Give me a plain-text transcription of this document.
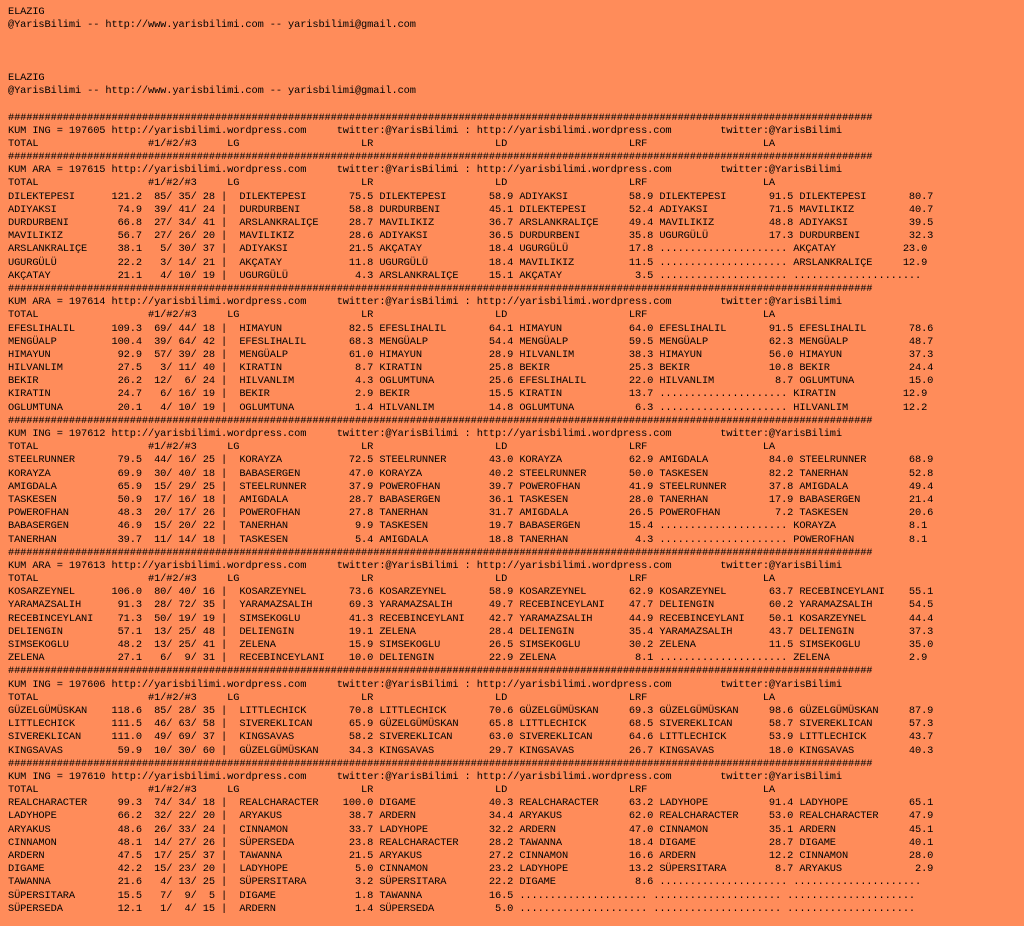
ELAZIG
@YarisBilimi -- http://www.yarisbilimi.com -- yarisbilimi@gmail.com

ELAZIG
@YarisBilimi -- http://www.yarisbilimi.com -- yarisbilimi@gmail.com

##############################################################################################################################################
KUM ING = 197605 http://yarisbilimi.wordpress.com     twitter:@YarisBilimi : http://yarisbilimi.wordpress.com        twitter:@YarisBilimi
TOTAL                  #1/#2/#3     LG                    LR                    LD                    LRF                   LA
##############################################################################################################################################
KUM ARA = 197615 http://yarisbilimi.wordpress.com     twitter:@YarisBilimi : http://yarisbilimi.wordpress.com        twitter:@YarisBilimi
TOTAL                  #1/#2/#3     LG                    LR                    LD                    LRF                   LA
DILEKTEPESI      121.2  85/ 35/ 28 |  DILEKTEPESI       75.5 DILEKTEPESI       58.9 ADIYAKSI          58.9 DILEKTEPESI       91.5 DILEKTEPESI       80.7
ADIYAKSI          74.9  39/ 41/ 24 |  DURDURBENI        58.8 DURDURBENI        45.1 DILEKTEPESI       52.4 ADIYAKSI          71.5 MAVILIKIZ         40.7
DURDURBENI        66.8  27/ 34/ 41 |  ARSLANKRALIÇE     28.7 MAVILIKIZ         36.7 ARSLANKRALIÇE     49.4 MAVILIKIZ         48.8 ADIYAKSI          39.5
MAVILIKIZ         56.7  27/ 26/ 20 |  MAVILIKIZ         28.6 ADIYAKSI          36.5 DURDURBENI        35.8 UGURGÜLÜ          17.3 DURDURBENI        32.3
ARSLANKRALIÇE     38.1   5/ 30/ 37 |  ADIYAKSI          21.5 AKÇATAY           18.4 UGURGÜLÜ          17.8 ..................... AKÇATAY           23.0
UGURGÜLÜ          22.2   3/ 14/ 21 |  AKÇATAY           11.8 UGURGÜLÜ          18.4 MAVILIKIZ         11.5 ..................... ARSLANKRALIÇE     12.9
AKÇATAY           21.1   4/ 10/ 19 |  UGURGÜLÜ           4.3 ARSLANKRALIÇE     15.1 AKÇATAY            3.5 ..................... .....................
##############################################################################################################################################
KUM ARA = 197614 http://yarisbilimi.wordpress.com     twitter:@YarisBilimi : http://yarisbilimi.wordpress.com        twitter:@YarisBilimi
TOTAL                  #1/#2/#3     LG                    LR                    LD                    LRF                   LA
EFESLIHALIL      109.3  69/ 44/ 18 |  HIMAYUN           82.5 EFESLIHALIL       64.1 HIMAYUN           64.0 EFESLIHALIL       91.5 EFESLIHALIL       78.6
MENGÜALP         100.4  39/ 64/ 42 |  EFESLIHALIL       68.3 MENGÜALP          54.4 MENGÜALP          59.5 MENGÜALP          62.3 MENGÜALP          48.7
HIMAYUN           92.9  57/ 39/ 28 |  MENGÜALP          61.0 HIMAYUN           28.9 HILVANLIM         38.3 HIMAYUN           56.0 HIMAYUN           37.3
HILVANLIM         27.5   3/ 11/ 40 |  KIRATIN            8.7 KIRATIN           25.8 BEKIR             25.3 BEKIR             10.8 BEKIR             24.4
BEKIR             26.2  12/  6/ 24 |  HILVANLIM          4.3 OGLUMTUNA         25.6 EFESLIHALIL       22.0 HILVANLIM          8.7 OGLUMTUNA         15.0
KIRATIN           24.7   6/ 16/ 19 |  BEKIR              2.9 BEKIR             15.5 KIRATIN           13.7 ..................... KIRATIN           12.9
OGLUMTUNA         20.1   4/ 10/ 19 |  OGLUMTUNA          1.4 HILVANLIM         14.8 OGLUMTUNA          6.3 ..................... HILVANLIM         12.2
##############################################################################################################################################
KUM ING = 197612 http://yarisbilimi.wordpress.com     twitter:@YarisBilimi : http://yarisbilimi.wordpress.com        twitter:@YarisBilimi
TOTAL                  #1/#2/#3     LG                    LR                    LD                    LRF                   LA
STEELRUNNER       79.5  44/ 16/ 25 |  KORAYZA           72.5 STEELRUNNER       43.0 KORAYZA           62.9 AMIGDALA          84.0 STEELRUNNER       68.9
KORAYZA           69.9  30/ 40/ 18 |  BABASERGEN        47.0 KORAYZA           40.2 STEELRUNNER       50.0 TASKESEN          82.2 TANERHAN          52.8
AMIGDALA          65.9  15/ 29/ 25 |  STEELRUNNER       37.9 POWEROFHAN        39.7 POWEROFHAN        41.9 STEELRUNNER       37.8 AMIGDALA          49.4
TASKESEN          50.9  17/ 16/ 18 |  AMIGDALA          28.7 BABASERGEN        36.1 TASKESEN          28.0 TANERHAN          17.9 BABASERGEN        21.4
POWEROFHAN        48.3  20/ 17/ 26 |  POWEROFHAN        27.8 TANERHAN          31.7 AMIGDALA          26.5 POWEROFHAN         7.2 TASKESEN          20.6
BABASERGEN        46.9  15/ 20/ 22 |  TANERHAN           9.9 TASKESEN          19.7 BABASERGEN        15.4 ..................... KORAYZA            8.1
TANERHAN          39.7  11/ 14/ 18 |  TASKESEN           5.4 AMIGDALA          18.8 TANERHAN           4.3 ..................... POWEROFHAN         8.1
##############################################################################################################################################
KUM ARA = 197613 http://yarisbilimi.wordpress.com     twitter:@YarisBilimi : http://yarisbilimi.wordpress.com        twitter:@YarisBilimi
TOTAL                  #1/#2/#3     LG                    LR                    LD                    LRF                   LA
KOSARZEYNEL      106.0  80/ 40/ 16 |  KOSARZEYNEL       73.6 KOSARZEYNEL       58.9 KOSARZEYNEL       62.9 KOSARZEYNEL       63.7 RECEBINCEYLANI    55.1
YARAMAZSALIH      91.3  28/ 72/ 35 |  YARAMAZSALIH      69.3 YARAMAZSALIH      49.7 RECEBINCEYLANI    47.7 DELIENGIN         60.2 YARAMAZSALIH      54.5
RECEBINCEYLANI    71.3  50/ 19/ 19 |  SIMSEKOGLU        41.3 RECEBINCEYLANI    42.7 YARAMAZSALIH      44.9 RECEBINCEYLANI    50.1 KOSARZEYNEL       44.4
DELIENGIN         57.1  13/ 25/ 48 |  DELIENGIN         19.1 ZELENA            28.4 DELIENGIN         35.4 YARAMAZSALIH      43.7 DELIENGIN         37.3
SIMSEKOGLU        48.2  13/ 25/ 41 |  ZELENA            15.9 SIMSEKOGLU        26.5 SIMSEKOGLU        30.2 ZELENA            11.5 SIMSEKOGLU        35.0
ZELENA            27.1   6/  9/ 31 |  RECEBINCEYLANI    10.0 DELIENGIN         22.9 ZELENA             8.1 ..................... ZELENA             2.9
##############################################################################################################################################
KUM ING = 197606 http://yarisbilimi.wordpress.com     twitter:@YarisBilimi : http://yarisbilimi.wordpress.com        twitter:@YarisBilimi
TOTAL                  #1/#2/#3     LG                    LR                    LD                    LRF                   LA
GÜZELGÜMÜSKAN    118.6  85/ 28/ 35 |  LITTLECHICK       70.8 LITTLECHICK       70.6 GÜZELGÜMÜSKAN     69.3 GÜZELGÜMÜSKAN     98.6 GÜZELGÜMÜSKAN     87.9
LITTLECHICK      111.5  46/ 63/ 58 |  SIVEREKLICAN      65.9 GÜZELGÜMÜSKAN     65.8 LITTLECHICK       68.5 SIVEREKLICAN      58.7 SIVEREKLICAN      57.3
SIVEREKLICAN     111.0  49/ 69/ 37 |  KINGSAVAS         58.2 SIVEREKLICAN      63.0 SIVEREKLICAN      64.6 LITTLECHICK       53.9 LITTLECHICK       43.7
KINGSAVAS         59.9  10/ 30/ 60 |  GÜZELGÜMÜSKAN     34.3 KINGSAVAS         29.7 KINGSAVAS         26.7 KINGSAVAS         18.0 KINGSAVAS         40.3
##############################################################################################################################################
KUM ING = 197610 http://yarisbilimi.wordpress.com     twitter:@YarisBilimi : http://yarisbilimi.wordpress.com        twitter:@YarisBilimi
TOTAL                  #1/#2/#3     LG                    LR                    LD                    LRF                   LA
REALCHARACTER     99.3  74/ 34/ 18 |  REALCHARACTER    100.0 DIGAME            40.3 REALCHARACTER     63.2 LADYHOPE          91.4 LADYHOPE          65.1
LADYHOPE          66.2  32/ 22/ 20 |  ARYAKUS           38.7 ARDERN            34.4 ARYAKUS           62.0 REALCHARACTER     53.0 REALCHARACTER     47.9
ARYAKUS           48.6  26/ 33/ 24 |  CINNAMON          33.7 LADYHOPE          32.2 ARDERN            47.0 CINNAMON          35.1 ARDERN            45.1
CINNAMON          48.1  14/ 27/ 26 |  SÜPERSEDA         23.8 REALCHARACTER     28.2 TAWANNA           18.4 DIGAME            28.7 DIGAME            40.1
ARDERN            47.5  17/ 25/ 37 |  TAWANNA           21.5 ARYAKUS           27.2 CINNAMON          16.6 ARDERN            12.2 CINNAMON          28.0
DIGAME            42.2  15/ 23/ 20 |  LADYHOPE           5.0 CINNAMON          23.2 LADYHOPE          13.2 SÜPERSITARA        8.7 ARYAKUS            2.9
TAWANNA           21.6   4/ 13/ 25 |  SÜPERSITARA        3.2 SÜPERSITARA       22.2 DIGAME             8.6 ..................... .....................
SÜPERSITARA       15.5   7/  9/  5 |  DIGAME             1.8 TAWANNA           16.5 ..................... ..................... .....................
SÜPERSEDA         12.1   1/  4/ 15 |  ARDERN             1.4 SÜPERSEDA          5.0 ..................... ..................... .....................
